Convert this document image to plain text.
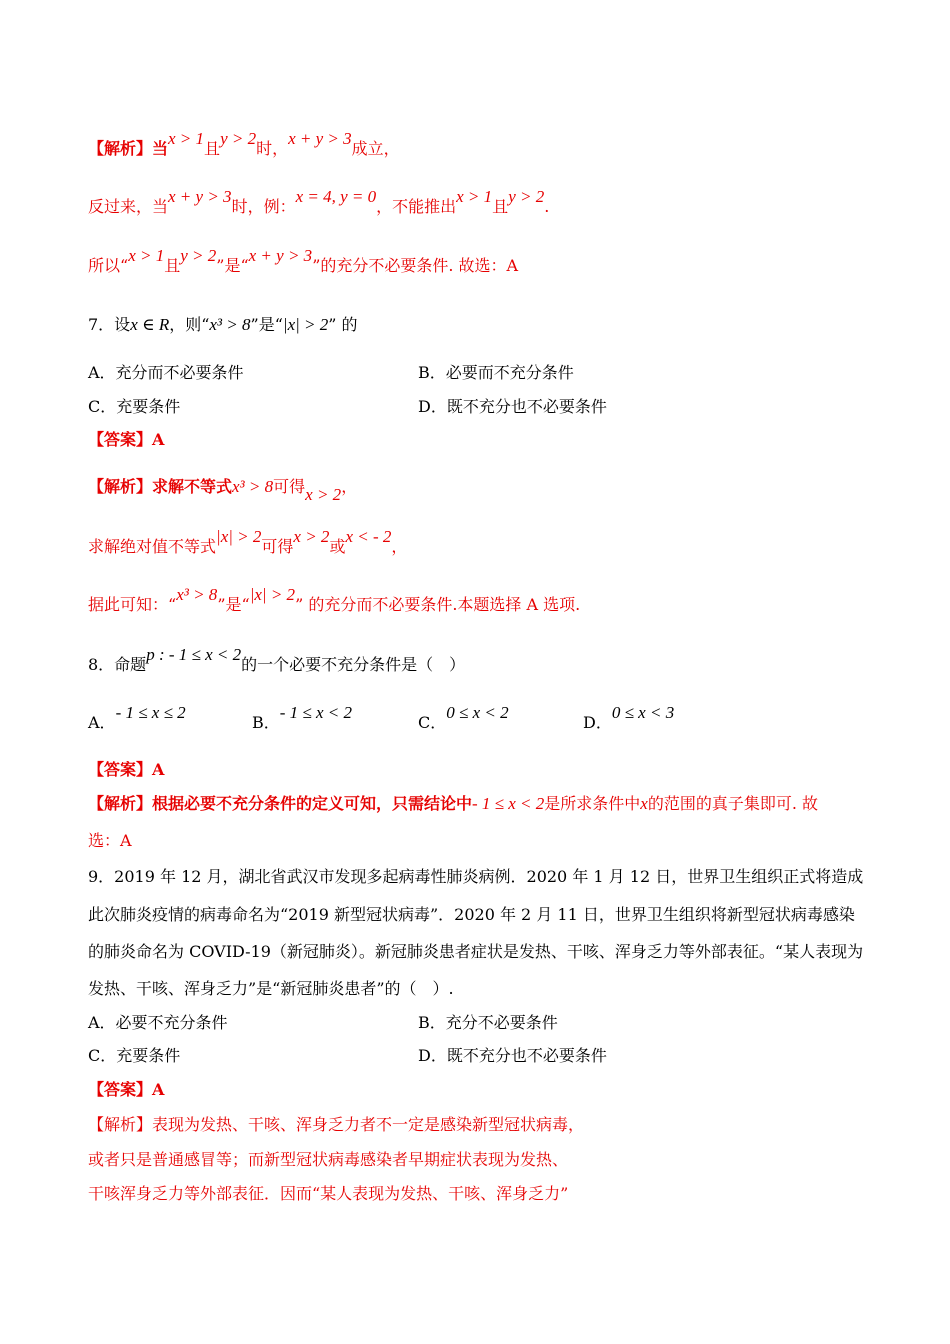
【解析】当x > 1且y > 2时，x + y > 3成立，
反过来，当x + y > 3时，例：x = 4, y = 0，不能推出x > 1且y > 2.
所以“x > 1且y > 2”是“x + y > 3”的充分不必要条件. 故选：A
7．设x ∈ R，则“x³ > 8”是“|x| > 2” 的
A．充分而不必要条件	B．必要而不充分条件
C．充要条件	D．既不充分也不必要条件
【答案】A
【解析】求解不等式x³ > 8可得x > 2，
求解绝对值不等式|x| > 2可得x > 2或x < - 2，
据此可知：“x³ > 8”是“|x| > 2” 的充分而不必要条件.本题选择 A 选项.
8．命题p : - 1 ≤ x < 2的一个必要不充分条件是（　）
A．- 1 ≤ x ≤ 2
B．- 1 ≤ x < 2
C．0 ≤ x < 2
D．0 ≤ x < 3
【答案】A
【解析】根据必要不充分条件的定义可知，只需结论中- 1 ≤ x < 2是所求条件中x的范围的真子集即可. 故
选：A
9．2019 年 12 月，湖北省武汉市发现多起病毒性肺炎病例．2020 年 1 月 12 日，世界卫生组织正式将造成
此次肺炎疫情的病毒命名为“2019 新型冠状病毒”．2020 年 2 月 11 日，世界卫生组织将新型冠状病毒感染
的肺炎命名为 COVID-19（新冠肺炎）。新冠肺炎患者症状是发热、干咳、浑身乏力等外部表征。“某人表现为
发热、干咳、浑身乏力”是“新冠肺炎患者”的（　）.
A．必要不充分条件	B．充分不必要条件
C．充要条件	D．既不充分也不必要条件
【答案】A
【解析】表现为发热、干咳、浑身乏力者不一定是感染新型冠状病毒，
或者只是普通感冒等；而新型冠状病毒感染者早期症状表现为发热、
干咳浑身乏力等外部表征．因而“某人表现为发热、干咳、浑身乏力”
